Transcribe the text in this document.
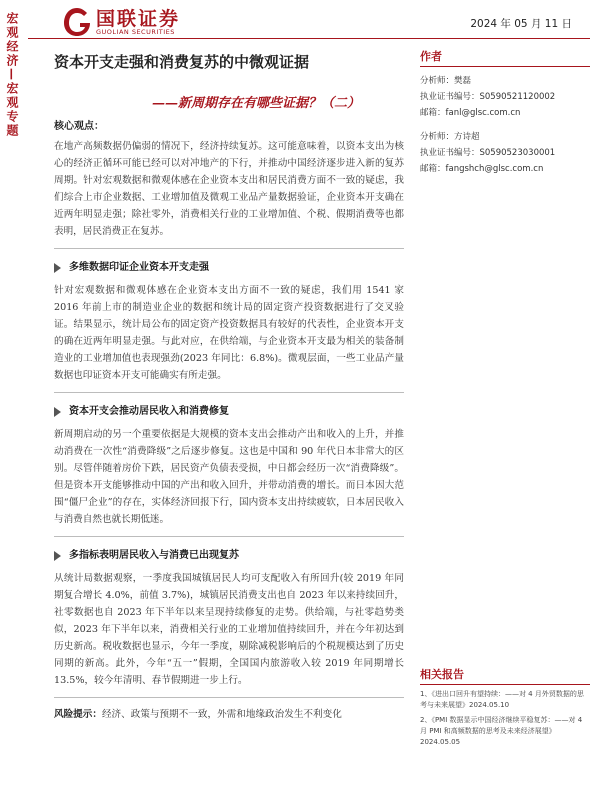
宏观经济—宏观专题	国联证券
GUOLIAN SECURITIES
2024 年 05 月 11 日
资本开支走强和消费复苏的中微观证据
——新周期存在有哪些证据？（二）
核心观点：

在地产高频数据仍偏弱的情况下，经济持续复苏。这可能意味着，以资本支出为核心的经济正循环可能已经可以对冲地产的下行，并推动中国经济逐步进入新的复苏周期。针对宏观数据和微观体感在企业资本支出和居民消费方面不一致的疑虑，我们综合上市企业数据、工业增加值及微观工业品产量数据验证，企业资本开支确在近两年明显走强；除社零外，消费相关行业的工业增加值、个税、假期消费等也都表明，居民消费正在复苏。

多维数据印证企业资本开支走强

针对宏观数据和微观体感在企业资本支出方面不一致的疑虑，我们用 1541 家 2016 年前上市的制造业企业的数据和统计局的固定资产投资数据进行了交叉验证。结果显示，统计局公布的固定资产投资数据具有较好的代表性，企业资本开支的确在近两年明显走强。与此对应，在供给端，与企业资本开支最为相关的装备制造业的工业增加值也表现强劲(2023 年同比：6.8%)。微观层面，一些工业品产量数据也印证资本开支可能确实有所走强。

资本开支会推动居民收入和消费修复

新周期启动的另一个重要依据是大规模的资本支出会推动产出和收入的上升，并推动消费在一次性“消费降级”之后逐步修复。这也是中国和 90 年代日本非常大的区别。尽管伴随着房价下跌，居民资产负债表受损，中日都会经历一次“消费降级”。但是资本开支能够推动中国的产出和收入回升，并带动消费的增长。而日本因大范围“僵尸企业”的存在，实体经济回报下行，国内资本支出持续疲软，日本居民收入与消费自然也就长期低迷。

多指标表明居民收入与消费已出现复苏

从统计局数据观察，一季度我国城镇居民人均可支配收入有所回升(较 2019 年同期复合增长 4.0%，前值 3.7%)，城镇居民消费支出也自 2023 年以来持续回升，社零数据也自 2023 年下半年以来呈现持续修复的走势。供给端，与社零趋势类似，2023 年下半年以来，消费相关行业的工业增加值持续回升，并在今年初达到历史新高。税收数据也显示，今年一季度，剔除减税影响后的个税规模达到了历史同期的新高。此外，今年“五一”假期，全国国内旅游收入较 2019 年同期增长 13.5%，较今年清明、春节假期进一步上行。

风险提示：经济、政策与预期不一致，外需和地缘政治发生不利变化
作者
分析师：樊磊
执业证书编号：S0590521120002
邮箱：fanl@glsc.com.cn
分析师：方诗超
执业证书编号：S0590523030001
邮箱：fangshch@glsc.com.cn
相关报告
1、《进出口回升有望持续：——对 4 月外贸数据的思考与未来展望》2024.05.10
2、《PMI 数据显示中国经济继续平稳复苏：——对 4 月 PMI 和高频数据的思考及未来经济展望》2024.05.05
